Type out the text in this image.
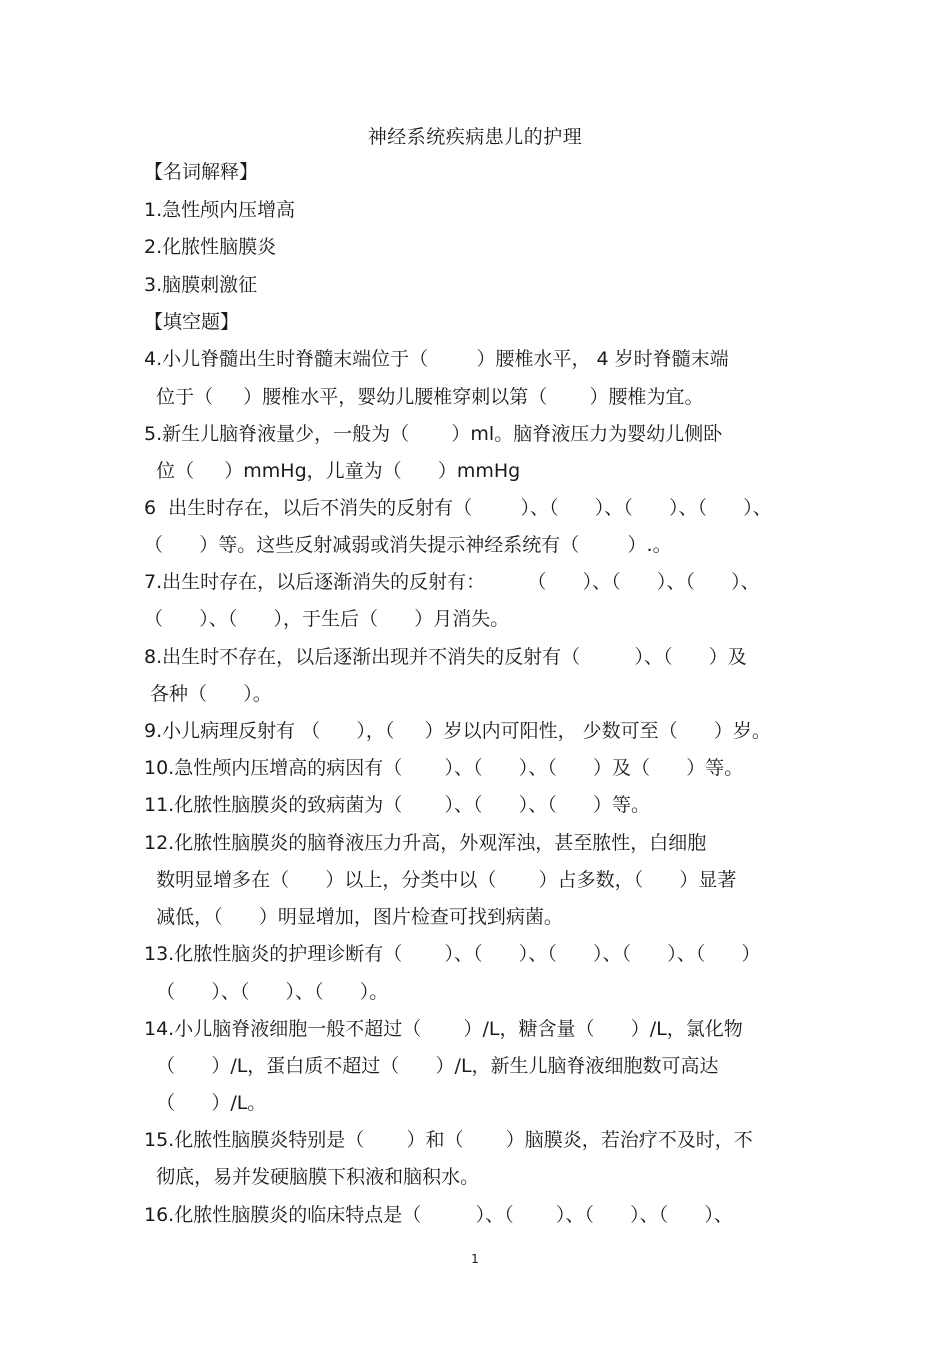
神经系统疾病患儿的护理
【名词解释】
1.急性颅内压增高
2.化脓性脑膜炎
3.脑膜刺激征
【填空题】
4.小儿脊髓出生时脊髓末端位于（        ）腰椎水平， 4 岁时脊髓末端
位于（     ）腰椎水平，婴幼儿腰椎穿刺以第（       ）腰椎为宜。
5.新生儿脑脊液量少，一般为（       ）ml。脑脊液压力为婴幼儿侧卧
位（     ）mmHg，儿童为（      ）mmHg
6  出生时存在，以后不消失的反射有（        ）、（      ）、（      ）、（      ）、
（      ）等。这些反射减弱或消失提示神经系统有（        ）.。
7.出生时存在，以后逐渐消失的反射有：       （      ）、（      ）、（      ）、
（      ）、（      ），于生后（      ）月消失。
8.出生时不存在，以后逐渐出现并不消失的反射有（         ）、（      ）及
各种（      ）。
9.小儿病理反射有 （      ），（     ）岁以内可阳性， 少数可至（      ）岁。
10.急性颅内压增高的病因有（       ）、（      ）、（      ）及（      ）等。
11.化脓性脑膜炎的致病菌为（       ）、（      ）、（      ）等。
12.化脓性脑膜炎的脑脊液压力升高，外观浑浊，甚至脓性，白细胞
数明显增多在（      ）以上，分类中以（       ）占多数，（      ）显著
减低，（      ）明显增加，图片检查可找到病菌。
13.化脓性脑炎的护理诊断有（       ）、（      ）、（      ）、（      ）、（      ）
（      ）、（      ）、（      ）。
14.小儿脑脊液细胞一般不超过（       ）/L，糖含量（      ）/L，氯化物
（      ）/L，蛋白质不超过（      ）/L，新生儿脑脊液细胞数可高达
（      ）/L。
15.化脓性脑膜炎特别是（       ）和（       ）脑膜炎，若治疗不及时，不
彻底，易并发硬脑膜下积液和脑积水。
16.化脓性脑膜炎的临床特点是（         ）、（       ）、（      ）、（      ）、
1
